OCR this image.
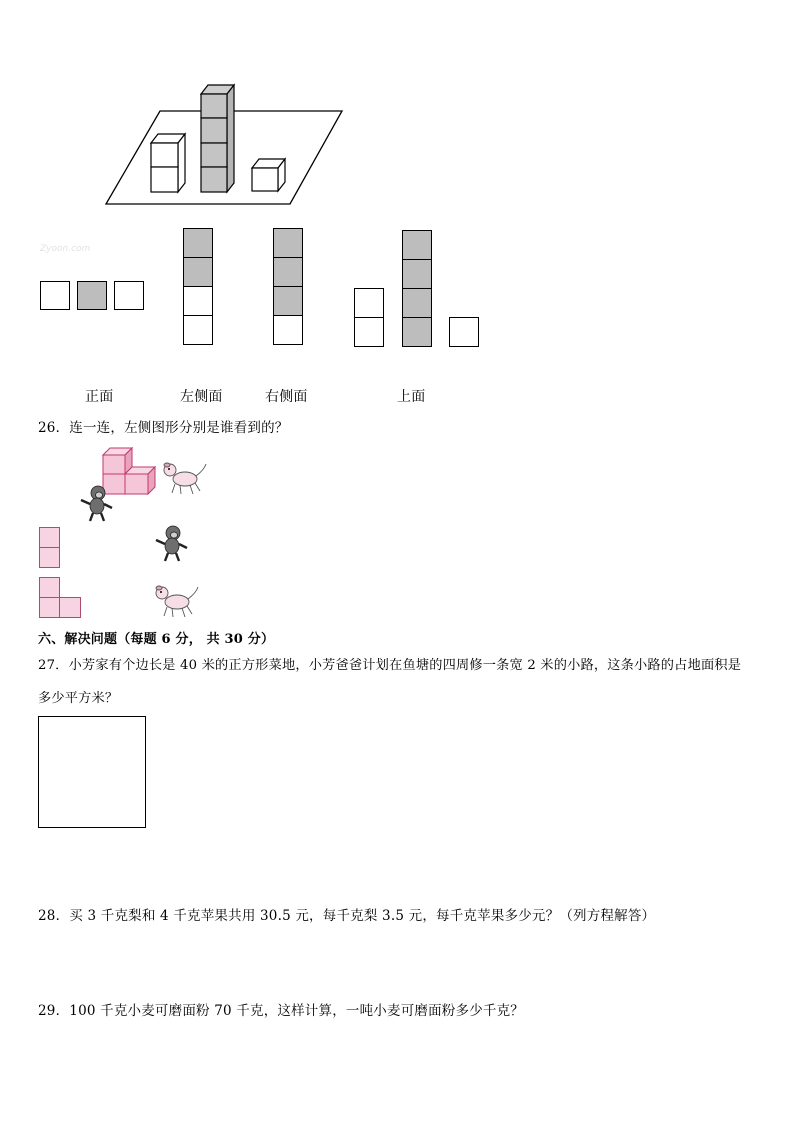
Zyoon.com
正面	左侧面	右侧面	上面
26．连一连，左侧图形分别是谁看到的？
六、解决问题（每题 6 分， 共 30 分）
27．小芳家有个边长是 40 米的正方形菜地，小芳爸爸计划在鱼塘的四周修一条宽 2 米的小路，这条小路的占地面积是
多少平方米？
28．买 3 千克梨和 4 千克苹果共用 30.5 元，每千克梨 3.5 元，每千克苹果多少元？（列方程解答）
29．100 千克小麦可磨面粉 70 千克，这样计算，一吨小麦可磨面粉多少千克？
